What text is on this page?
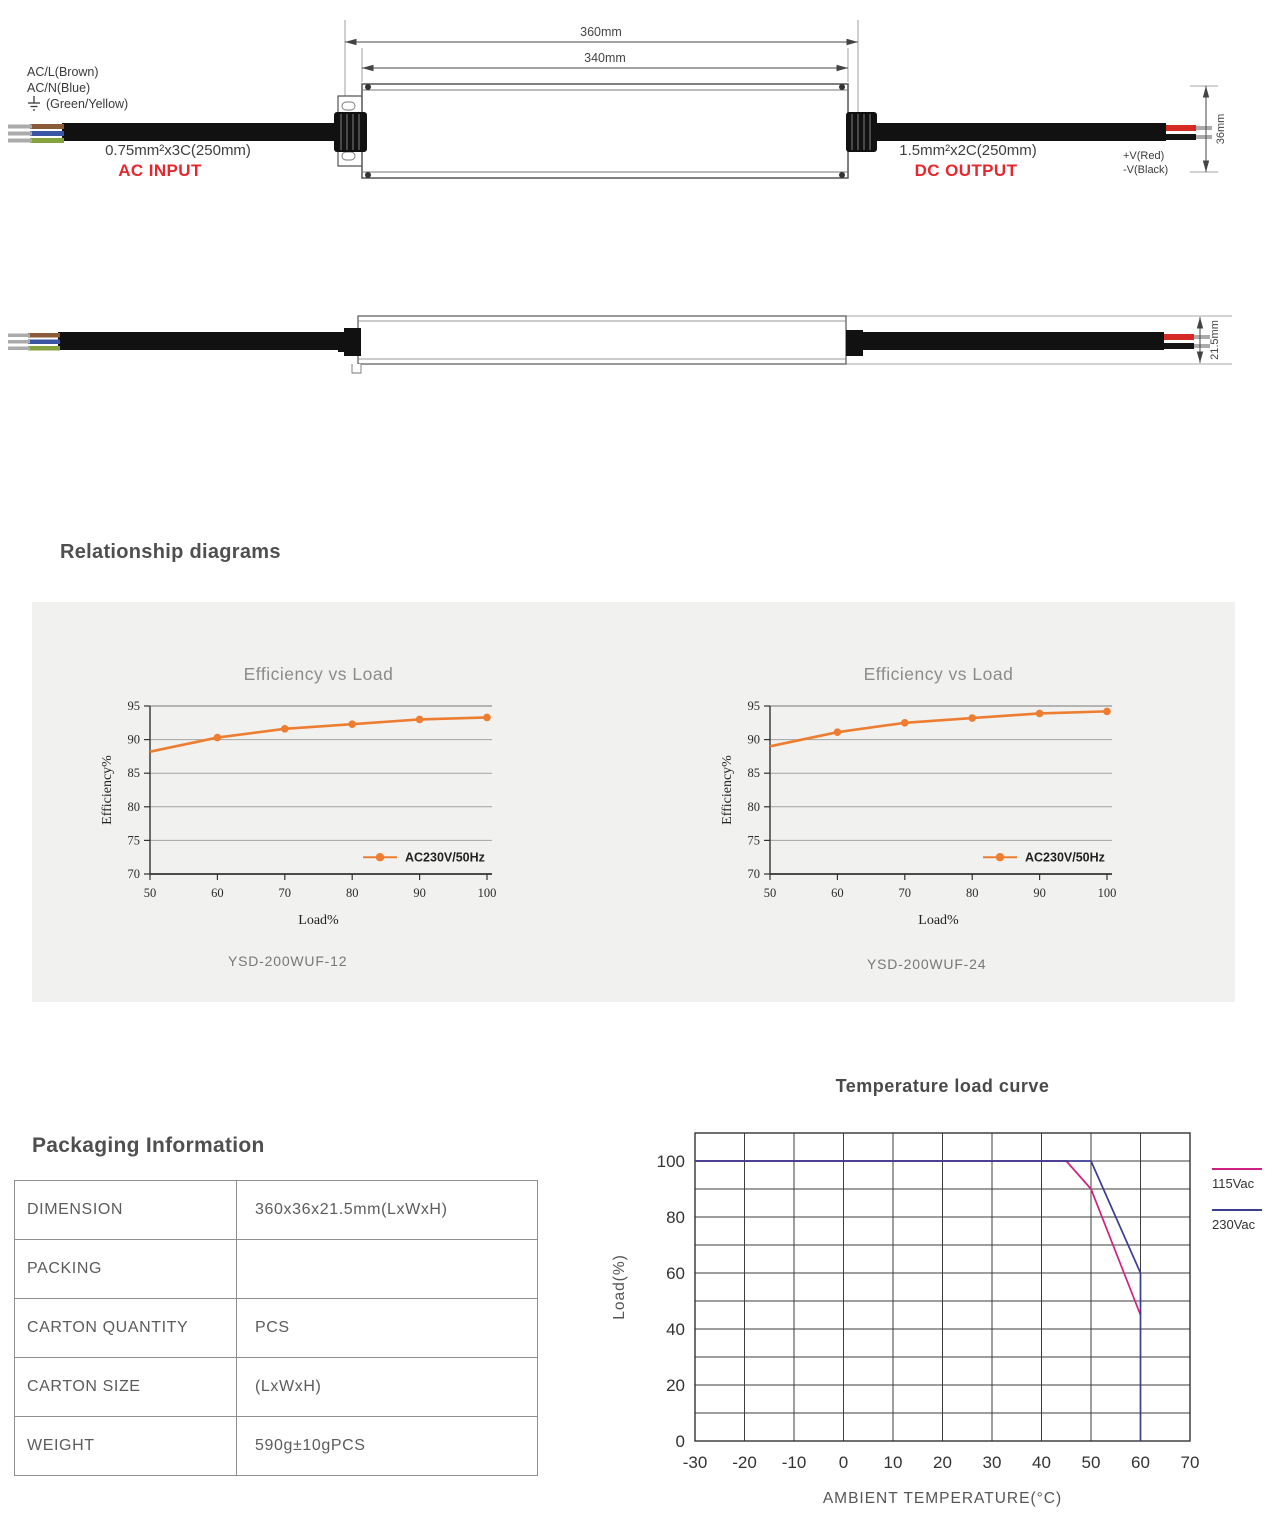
360mm
340mm
36mm
AC/L(Brown)
AC/N(Blue)
(Green/Yellow)
0.75mm²x3C(250mm)
AC INPUT
1.5mm²x2C(250mm)
DC OUTPUT
+V(Red)
-V(Black)
21.5mm
Relationship diagrams
Efficiency vs Load
70
75
80
85
90
95
50	60	70	80	90	100
Load%
Efficiency%
AC230V/50Hz
Efficiency vs Load
70
75
80
85
90
95
50	60	70	80	90	100
Load%
Efficiency%
AC230V/50Hz
YSD-200WUF-12	YSD-200WUF-24
Packaging Information
DIMENSION	360x36x21.5mm(LxWxH)
PACKING	
CARTON QUANTITY	PCS
CARTON SIZE	(LxWxH)
WEIGHT	590g±10gPCS
Temperature load curve
0
20
40
60
80
100
-30 -20 -10 0 10 20 30 40 50 60 70
AMBIENT TEMPERATURE(°C)
Load(%)
115Vac
230Vac
